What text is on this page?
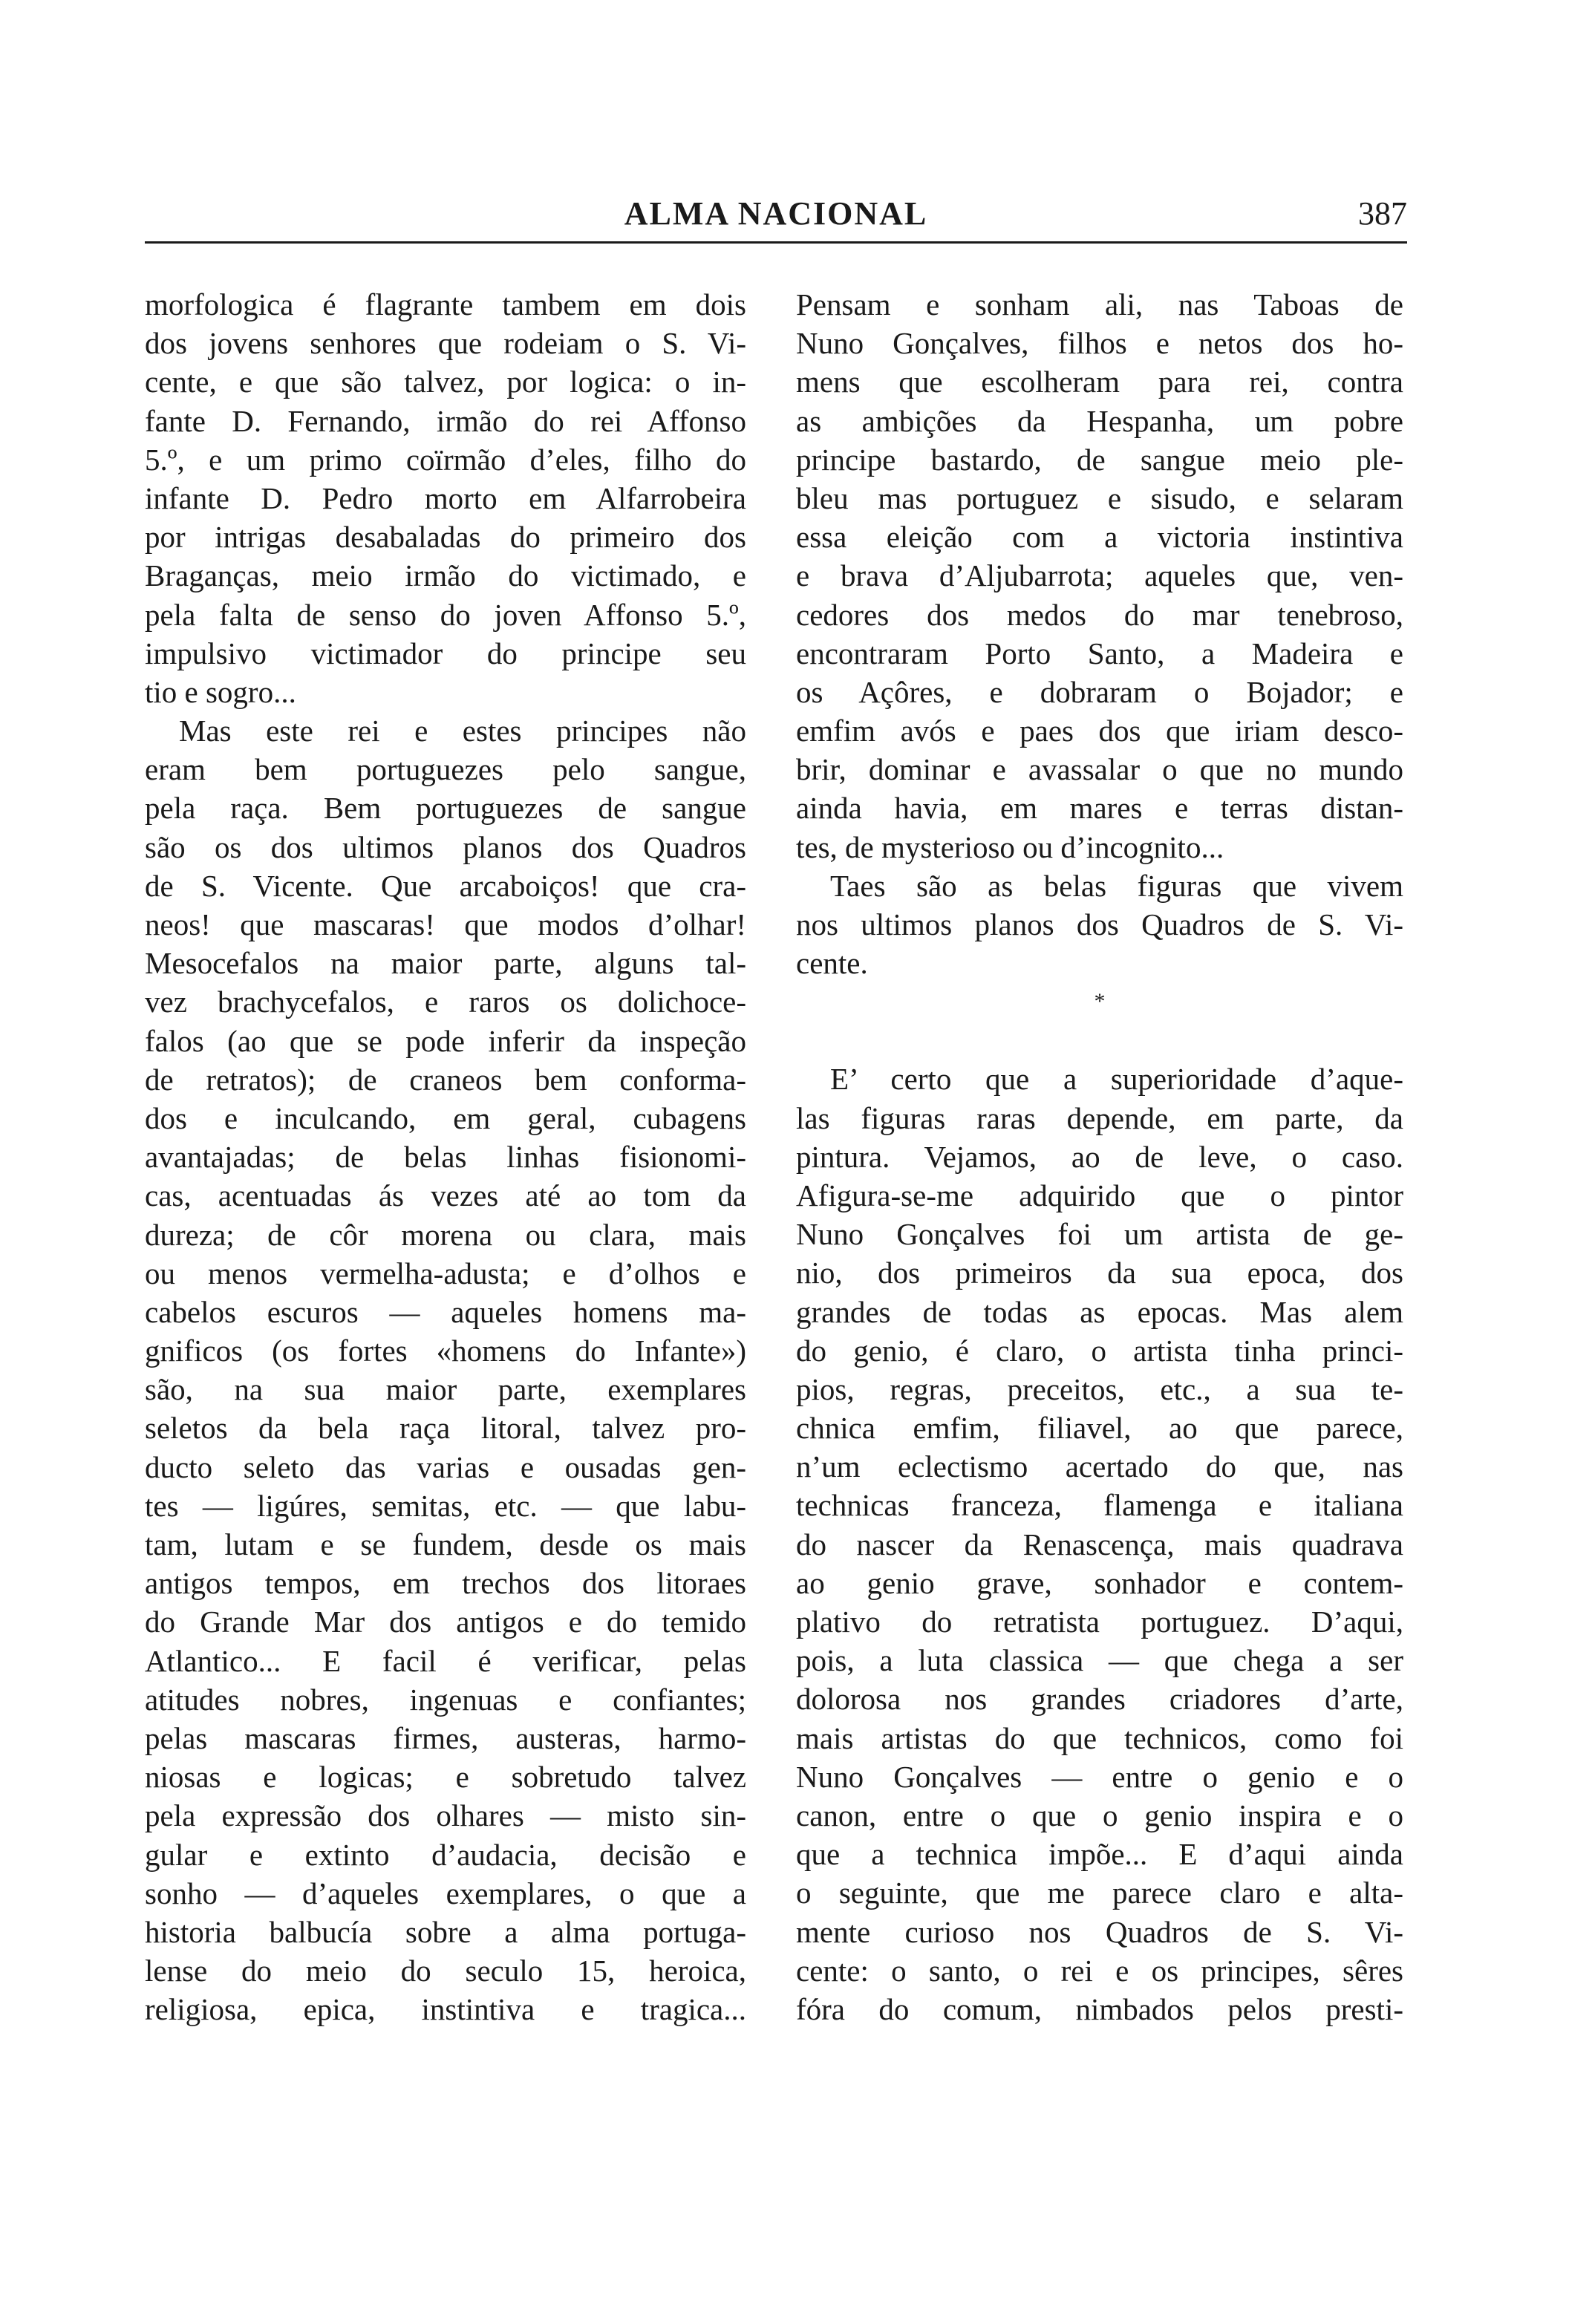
ALMA NACIONAL	387
morfologica é flagrante tambem em dois
dos jovens senhores que rodeiam o S. Vi-
cente, e que são talvez, por logica: o in-
fante D. Fernando, irmão do rei Affonso
5.º, e um primo coïrmão d’eles, filho do
infante D. Pedro morto em Alfarrobeira
por intrigas desabaladas do primeiro dos
Braganças, meio irmão do victimado, e
pela falta de senso do joven Affonso 5.º,
impulsivo victimador do principe seu
tio e sogro...
Mas este rei e estes principes não
eram bem portuguezes pelo sangue,
pela raça. Bem portuguezes de sangue
são os dos ultimos planos dos Quadros
de S. Vicente. Que arcaboiços! que cra-
neos! que mascaras! que modos d’olhar!
Mesocefalos na maior parte, alguns tal-
vez brachycefalos, e raros os dolichoce-
falos (ao que se pode inferir da inspeção
de retratos); de craneos bem conforma-
dos e inculcando, em geral, cubagens
avantajadas; de belas linhas fisionomi-
cas, acentuadas ás vezes até ao tom da
dureza; de côr morena ou clara, mais
ou menos vermelha-adusta; e d’olhos e
cabelos escuros — aqueles homens ma-
gnificos (os fortes «homens do Infante»)
são, na sua maior parte, exemplares
seletos da bela raça litoral, talvez pro-
ducto seleto das varias e ousadas gen-
tes — ligúres, semitas, etc. — que labu-
tam, lutam e se fundem, desde os mais
antigos tempos, em trechos dos litoraes
do Grande Mar dos antigos e do temido
Atlantico... E facil é verificar, pelas
atitudes nobres, ingenuas e confiantes;
pelas mascaras firmes, austeras, harmo-
niosas e logicas; e sobretudo talvez
pela expressão dos olhares — misto sin-
gular e extinto d’audacia, decisão e
sonho — d’aqueles exemplares, o que a
historia balbucía sobre a alma portuga-
lense do meio do seculo 15, heroica,
religiosa, epica, instintiva e tragica...
Pensam e sonham ali, nas Taboas de
Nuno Gonçalves, filhos e netos dos ho-
mens que escolheram para rei, contra
as ambições da Hespanha, um pobre
principe bastardo, de sangue meio ple-
bleu mas portuguez e sisudo, e selaram
essa eleição com a victoria instintiva
e brava d’Aljubarrota; aqueles que, ven-
cedores dos medos do mar tenebroso,
encontraram Porto Santo, a Madeira e
os Açôres, e dobraram o Bojador; e
emfim avós e paes dos que iriam desco-
brir, dominar e avassalar o que no mundo
ainda havia, em mares e terras distan-
tes, de mysterioso ou d’incognito...
Taes são as belas figuras que vivem
nos ultimos planos dos Quadros de S. Vi-
cente.
*
E’ certo que a superioridade d’aque-
las figuras raras depende, em parte, da
pintura. Vejamos, ao de leve, o caso.
Afigura-se-me adquirido que o pintor
Nuno Gonçalves foi um artista de ge-
nio, dos primeiros da sua epoca, dos
grandes de todas as epocas. Mas alem
do genio, é claro, o artista tinha princi-
pios, regras, preceitos, etc., a sua te-
chnica emfim, filiavel, ao que parece,
n’um eclectismo acertado do que, nas
technicas franceza, flamenga e italiana
do nascer da Renascença, mais quadrava
ao genio grave, sonhador e contem-
plativo do retratista portuguez. D’aqui,
pois, a luta classica — que chega a ser
dolorosa nos grandes criadores d’arte,
mais artistas do que technicos, como foi
Nuno Gonçalves — entre o genio e o
canon, entre o que o genio inspira e o
que a technica impõe... E d’aqui ainda
o seguinte, que me parece claro e alta-
mente curioso nos Quadros de S. Vi-
cente: o santo, o rei e os principes, sêres
fóra do comum, nimbados pelos presti-
